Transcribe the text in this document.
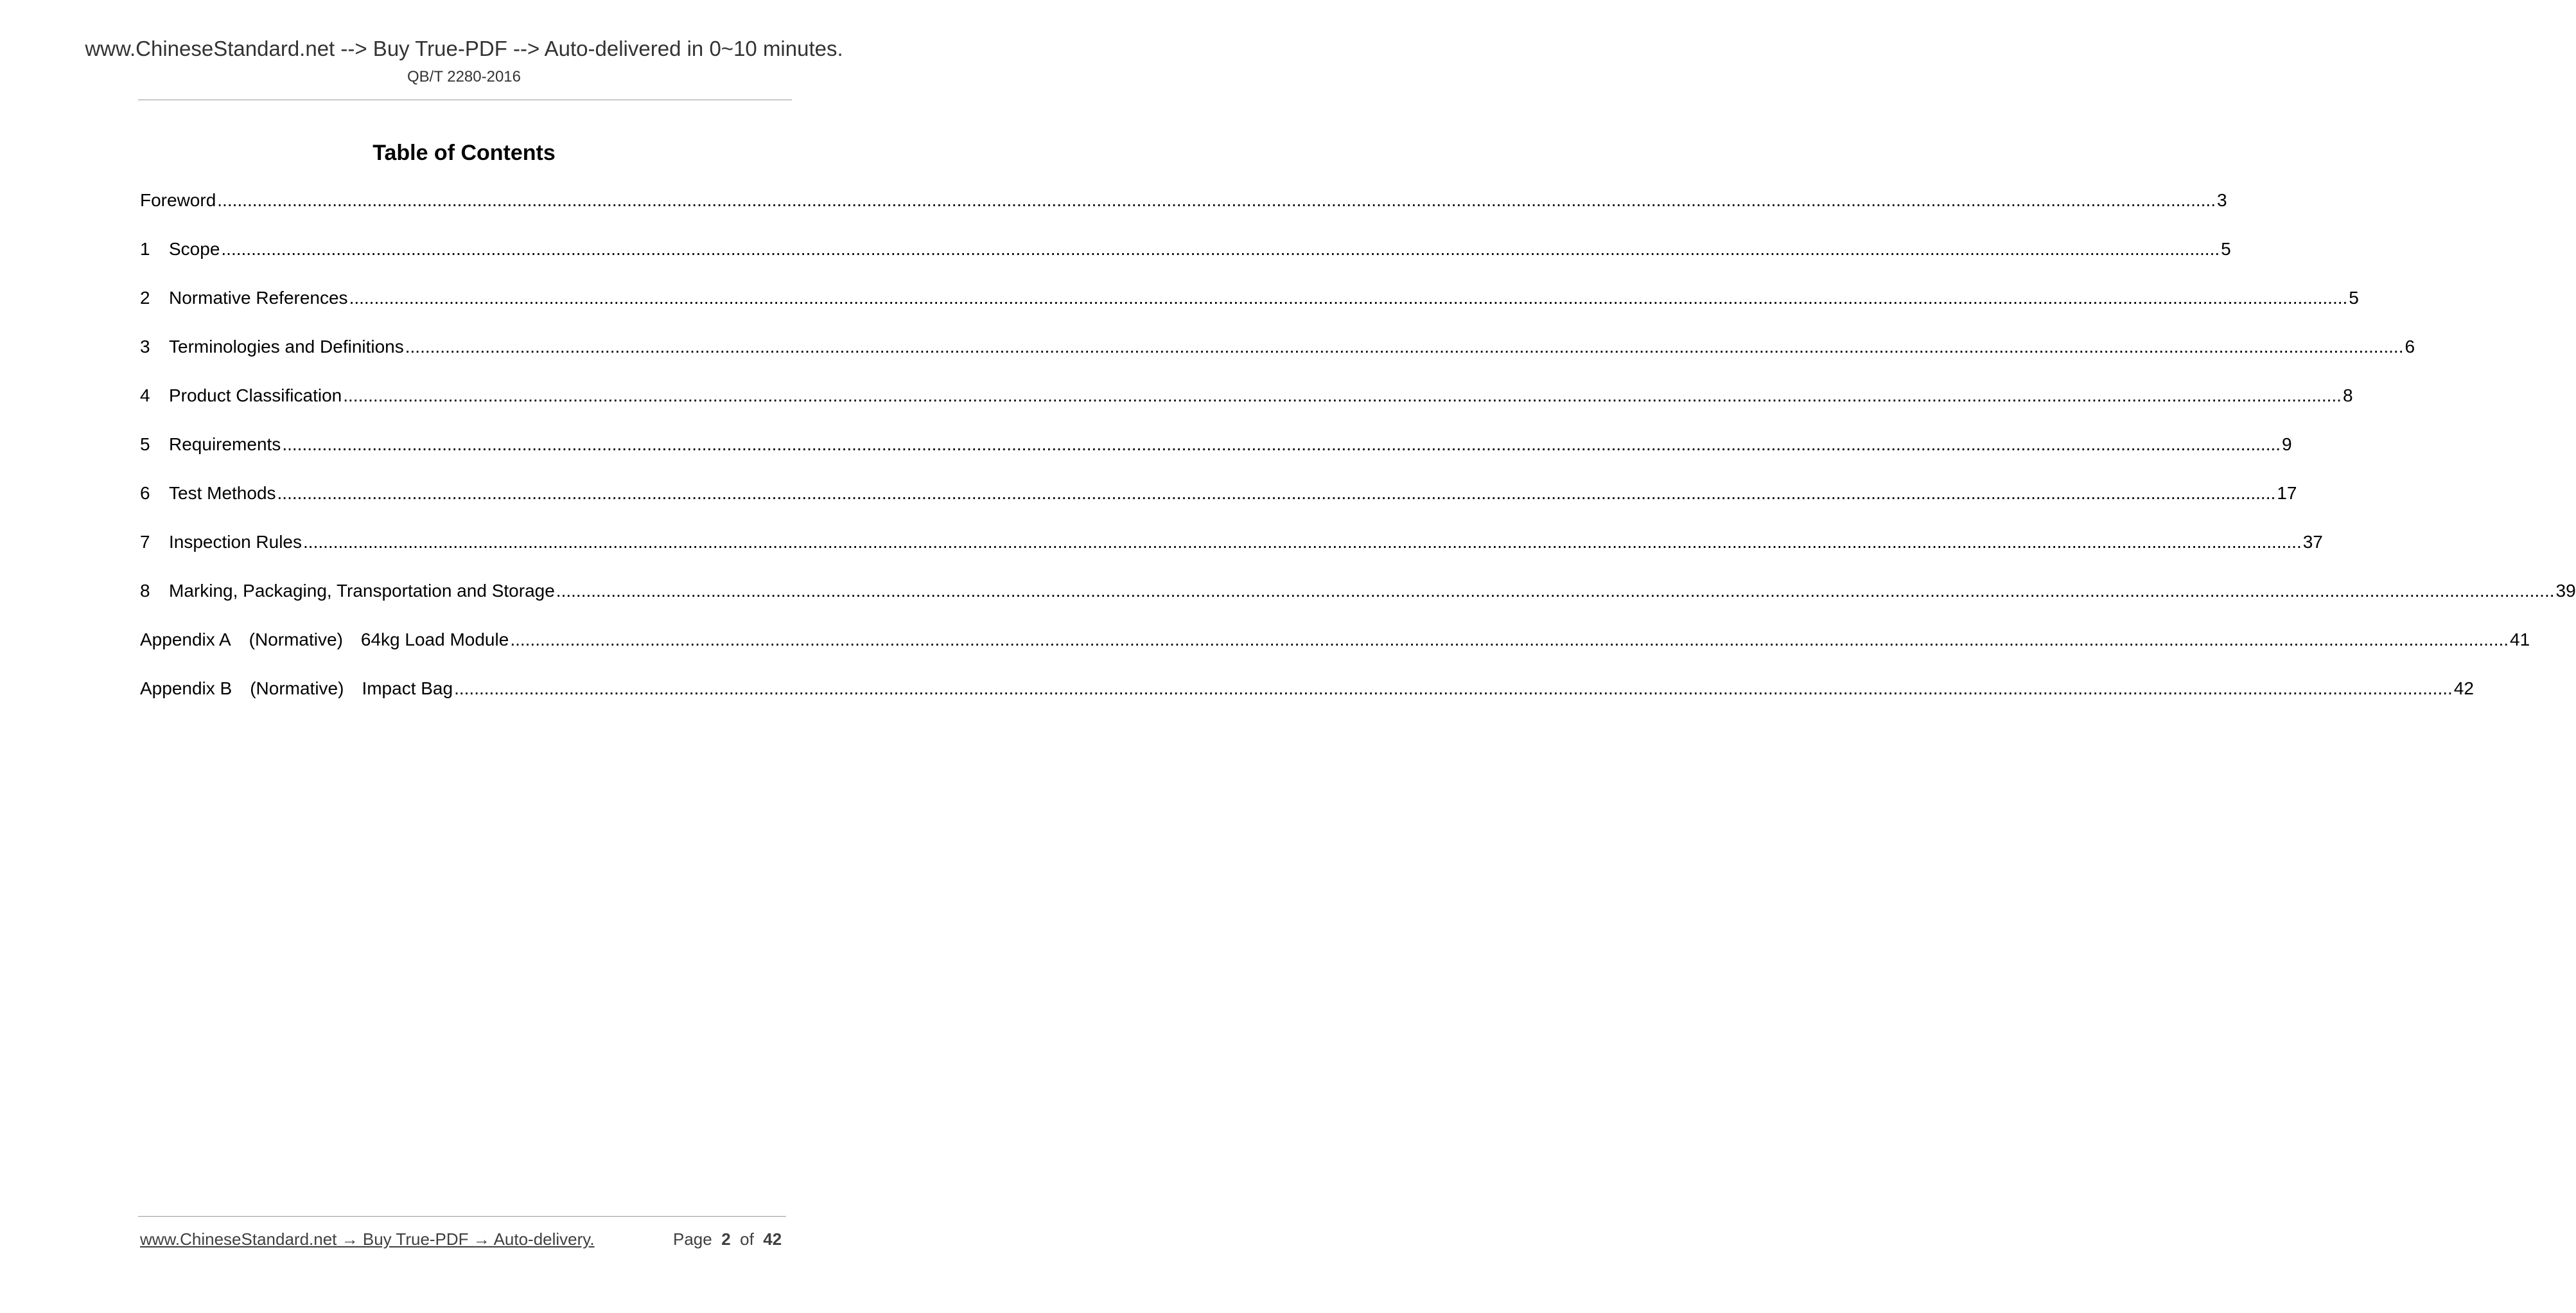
www.ChineseStandard.net --> Buy True-PDF --> Auto-delivered in 0~10 minutes.
QB/T 2280-2016
Table of Contents
Foreword ................................................................................................................................................................................................................................................................................................................................................................................................................ 3
1	Scope ................................................................................................................................................................................................................................................................................................................................................................................................................ 5
2	Normative References ................................................................................................................................................................................................................................................................................................................................................................................................................ 5
3	Terminologies and Definitions ................................................................................................................................................................................................................................................................................................................................................................................................................ 6
4	Product Classification ................................................................................................................................................................................................................................................................................................................................................................................................................ 8
5	Requirements ................................................................................................................................................................................................................................................................................................................................................................................................................ 9
6	Test Methods ................................................................................................................................................................................................................................................................................................................................................................................................................ 17
7	Inspection Rules ................................................................................................................................................................................................................................................................................................................................................................................................................ 37
8	Marking, Packaging, Transportation and Storage ................................................................................................................................................................................................................................................................................................................................................................................................................ 39
Appendix A (Normative) 64kg Load Module ................................................................................................................................................................................................................................................................................................................................................................................................................ 41
Appendix B (Normative) Impact Bag ................................................................................................................................................................................................................................................................................................................................................................................................................ 42
www.ChineseStandard.net → Buy True-PDF → Auto-delivery.	Page 2 of 42
